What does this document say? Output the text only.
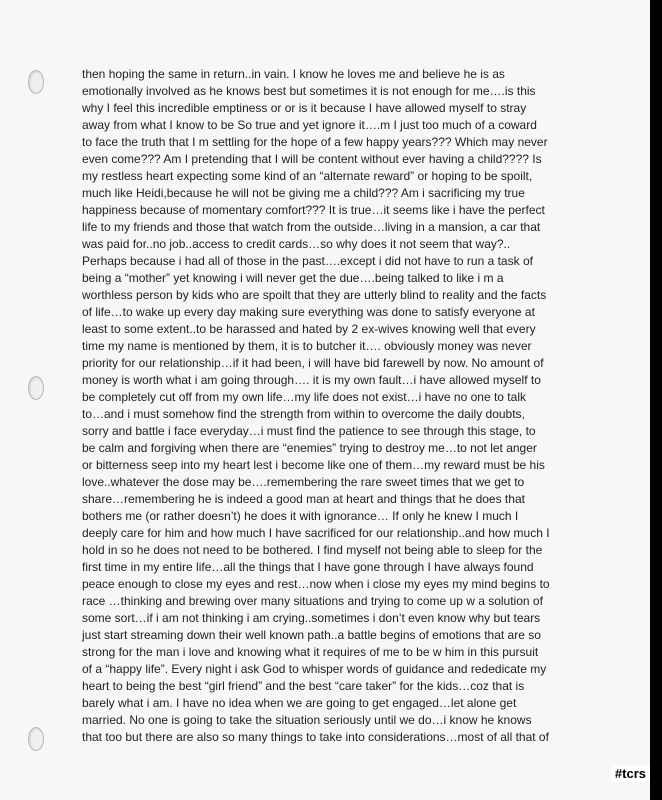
then hoping the same in return..in vain. I know he loves me and believe he is as
emotionally involved as he knows best but sometimes it is not enough for me….is this
why I feel this incredible emptiness or or is it because I have allowed myself to stray
away from what I know to be So true and yet ignore it….m I just too much of a coward
to face the truth that I m settling for the hope of a few happy years??? Which may never
even come??? Am I pretending that I will be content without ever having a child???? Is
my restless heart expecting some kind of an “alternate reward” or hoping to be spoilt,
much like Heidi,because he will not be giving me a child??? Am i sacrificing my true
happiness because of momentary comfort??? It is true…it seems like i have the perfect
life to my friends and those that watch from the outside…living in a mansion, a car that
was paid for..no job..access to credit cards…so why does it not seem that way?..
Perhaps because i had all of those in the past….except i did not have to run a task of
being a “mother” yet knowing i will never get the due….being talked to like i m a
worthless person by kids who are spoilt that they are utterly blind to reality and the facts
of life…to wake up every day making sure everything was done to satisfy everyone at
least to some extent..to be harassed and hated by 2 ex-wives knowing well that every
time my name is mentioned by them, it is to butcher it…. obviously money was never
priority for our relationship…if it had been, i will have bid farewell by now. No amount of
money is worth what i am going through…. it is my own fault…i have allowed myself to
be completely cut off from my own life…my life does not exist…i have no one to talk
to…and i must somehow find the strength from within to overcome the daily doubts,
sorry and battle i face everyday…i must find the patience to see through this stage, to
be calm and forgiving when there are “enemies” trying to destroy me…to not let anger
or bitterness seep into my heart lest i become like one of them…my reward must be his
love..whatever the dose may be….remembering the rare sweet times that we get to
share…remembering he is indeed a good man at heart and things that he does that
bothers me (or rather doesn’t) he does it with ignorance… If only he knew I much I
deeply care for him and how much I have sacrificed for our relationship..and how much I
hold in so he does not need to be bothered. I find myself not being able to sleep for the
first time in my entire life…all the things that I have gone through I have always found
peace enough to close my eyes and rest…now when i close my eyes my mind begins to
race …thinking and brewing over many situations and trying to come up w a solution of
some sort…if i am not thinking i am crying..sometimes i don’t even know why but tears
just start streaming down their well known path..a battle begins of emotions that are so
strong for the man i love and knowing what it requires of me to be w him in this pursuit
of a “happy life”. Every night i ask God to whisper words of guidance and rededicate my
heart to being the best “girl friend” and the best “care taker” for the kids…coz that is
barely what i am. I have no idea when we are going to get engaged…let alone get
married. No one is going to take the situation seriously until we do…i know he knows
that too but there are also so many things to take into considerations…most of all that of
#tcrs
